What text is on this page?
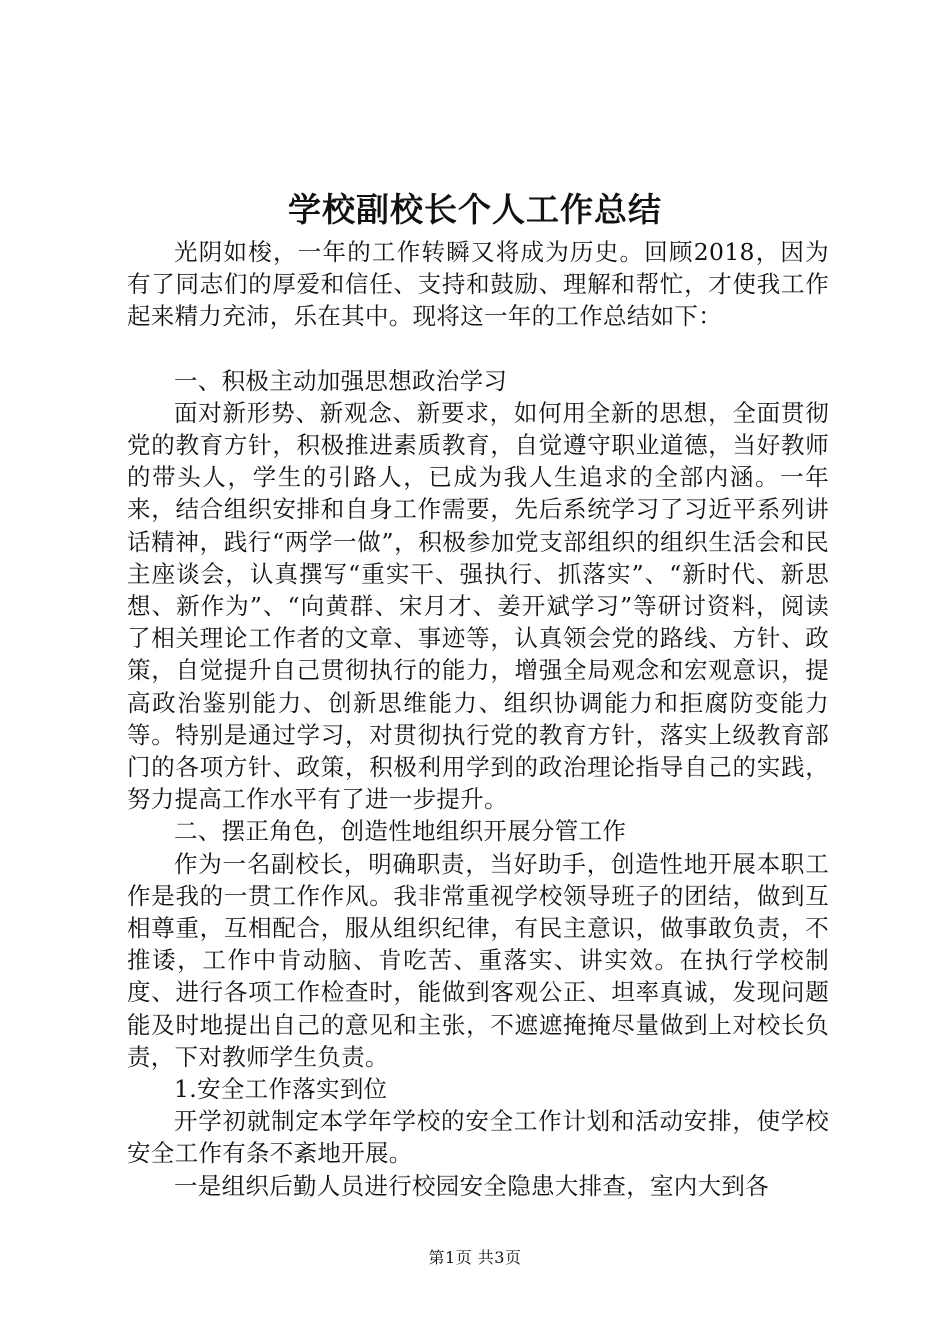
学校副校长个人工作总结

光阴如梭，一年的工作转瞬又将成为历史。回顾2018，因为有了同志们的厚爱和信任、支持和鼓励、理解和帮忙，才使我工作起来精力充沛，乐在其中。现将这一年的工作总结如下：

一、积极主动加强思想政治学习

面对新形势、新观念、新要求，如何用全新的思想，全面贯彻党的教育方针，积极推进素质教育，自觉遵守职业道德，当好教师的带头人，学生的引路人，已成为我人生追求的全部内涵。一年来，结合组织安排和自身工作需要，先后系统学习了习近平系列讲话精神，践行“两学一做”，积极参加党支部组织的组织生活会和民主座谈会，认真撰写“重实干、强执行、抓落实”、“新时代、新思想、新作为”、“向黄群、宋月才、姜开斌学习”等研讨资料，阅读了相关理论工作者的文章、事迹等，认真领会党的路线、方针、政策，自觉提升自己贯彻执行的能力，增强全局观念和宏观意识，提高政治鉴别能力、创新思维能力、组织协调能力和拒腐防变能力等。特别是通过学习，对贯彻执行党的教育方针，落实上级教育部门的各项方针、政策，积极利用学到的政治理论指导自己的实践，努力提高工作水平有了进一步提升。

二、摆正角色，创造性地组织开展分管工作

作为一名副校长，明确职责，当好助手，创造性地开展本职工作是我的一贯工作作风。我非常重视学校领导班子的团结，做到互相尊重，互相配合，服从组织纪律，有民主意识，做事敢负责，不推诿，工作中肯动脑、肯吃苦、重落实、讲实效。在执行学校制度、进行各项工作检查时，能做到客观公正、坦率真诚，发现问题能及时地提出自己的意见和主张，不遮遮掩掩尽量做到上对校长负责，下对教师学生负责。

1.安全工作落实到位

开学初就制定本学年学校的安全工作计划和活动安排，使学校安全工作有条不紊地开展。

一是组织后勤人员进行校园安全隐患大排查，室内大到各

第1页 共3页
